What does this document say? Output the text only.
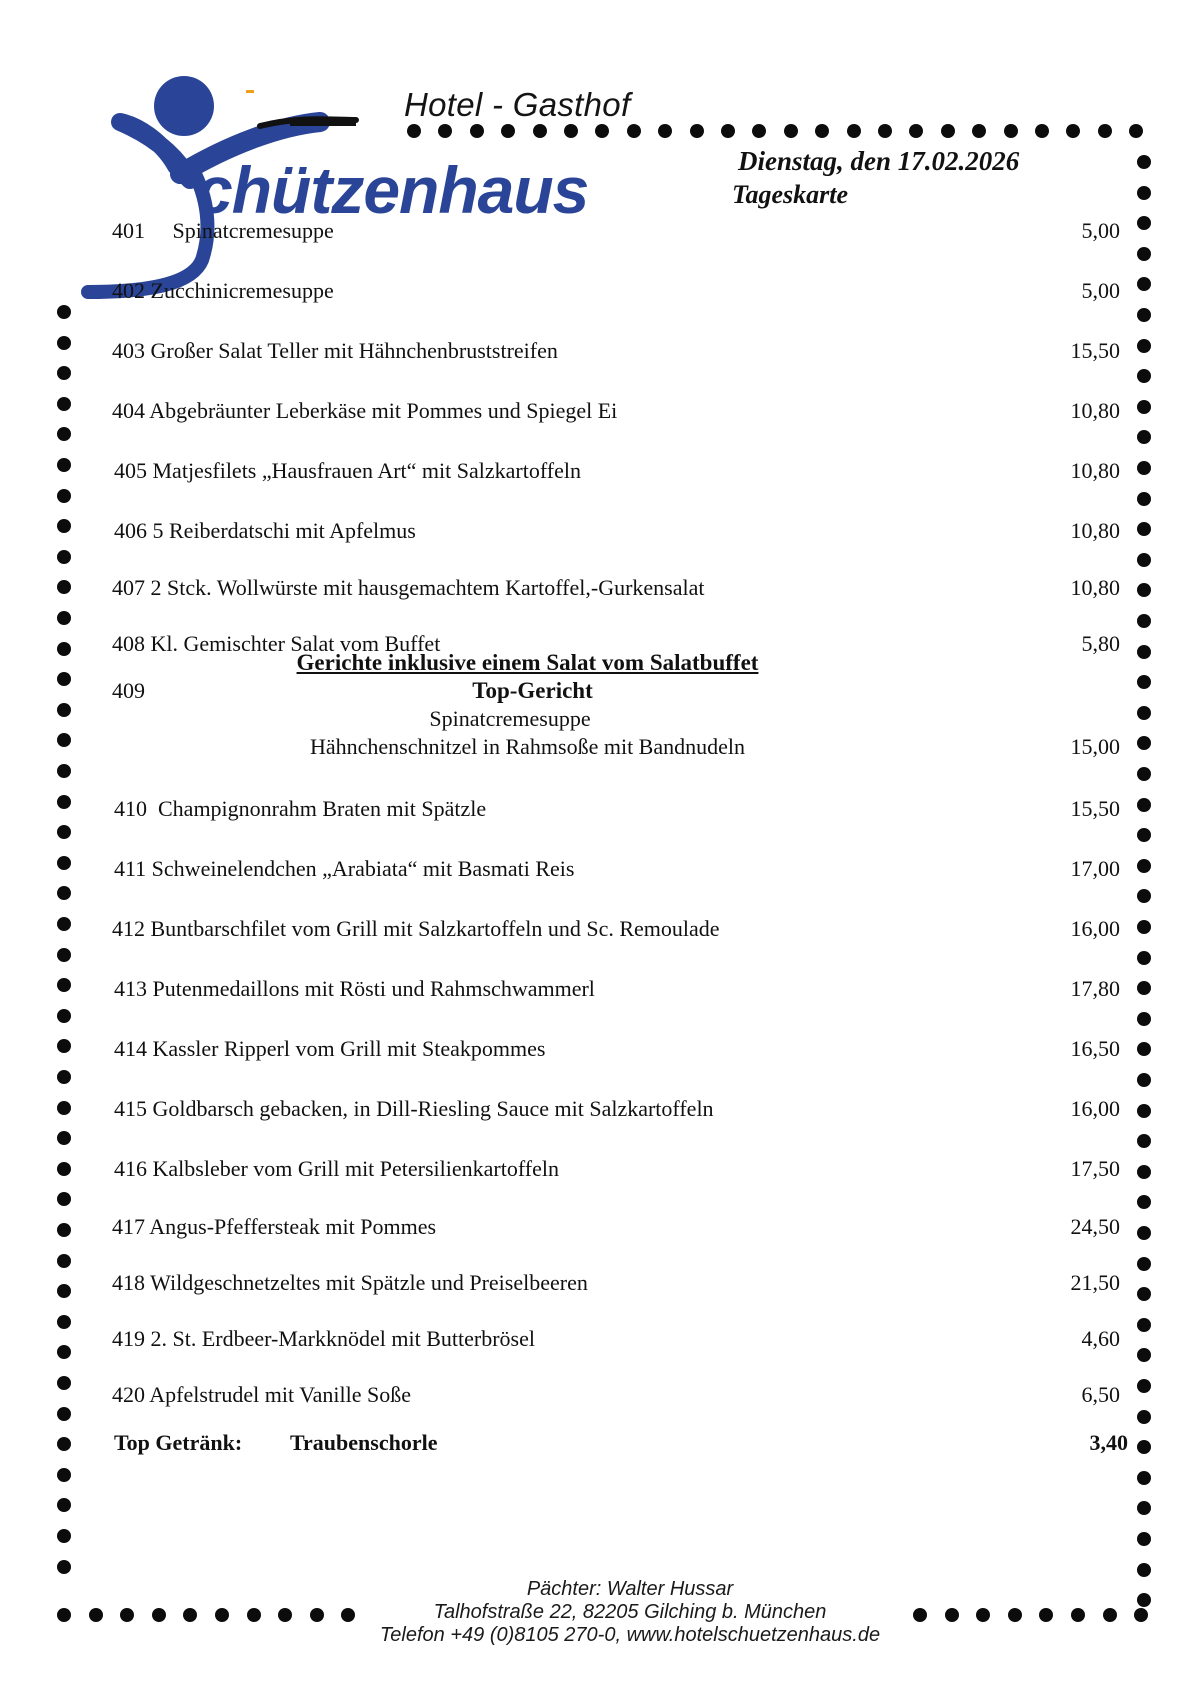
Hotel - Gasthof
chützenhaus	Dienstag, den 17.02.2026
Tageskarte
401     Spinatcremesuppe	5,00
402 Zucchinicremesuppe	5,00
403 Großer Salat Teller mit Hähnchenbruststreifen	15,50
404 Abgebräunter Leberkäse mit Pommes und Spiegel Ei	10,80
405 Matjesfilets „Hausfrauen Art“ mit Salzkartoffeln	10,80
406 5 Reiberdatschi mit Apfelmus	10,80
407 2 Stck. Wollwürste mit hausgemachtem Kartoffel,-Gurkensalat	10,80
408 Kl. Gemischter Salat vom Buffet	5,80
410  Champignonrahm Braten mit Spätzle	15,50
411 Schweinelendchen „Arabiata“ mit Basmati Reis	17,00
412 Buntbarschfilet vom Grill mit Salzkartoffeln und Sc. Remoulade	16,00
413 Putenmedaillons mit Rösti und Rahmschwammerl	17,80
414 Kassler Ripperl vom Grill mit Steakpommes	16,50
415 Goldbarsch gebacken, in Dill-Riesling Sauce mit Salzkartoffeln	16,00
416 Kalbsleber vom Grill mit Petersilienkartoffeln	17,50
417 Angus-Pfeffersteak mit Pommes	24,50
418 Wildgeschnetzeltes mit Spätzle und Preiselbeeren	21,50
419 2. St. Erdbeer-Markknödel mit Butterbrösel	4,60
420 Apfelstrudel mit Vanille Soße	6,50
Gerichte inklusive einem Salat vom Salatbuffet
409	Top-Gericht
Spinatcremesuppe
Hähnchenschnitzel in Rahmsoße mit Bandnudeln	15,00
Top Getränk: Traubenschorle	3,40
Pächter: Walter Hussar
Talhofstraße 22, 82205 Gilching b. München
Telefon +49 (0)8105 270-0, www.hotelschuetzenhaus.de
